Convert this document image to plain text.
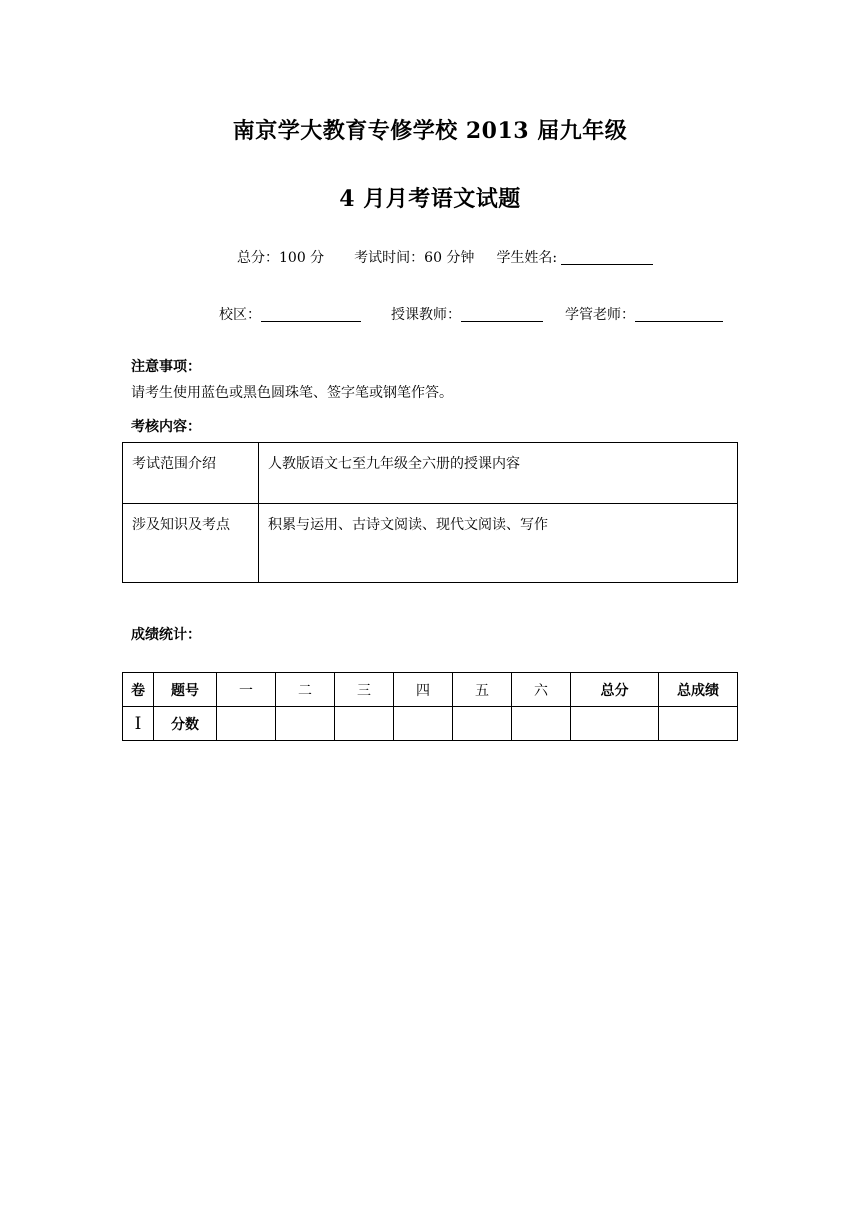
南京学大教育专修学校 2013 届九年级
4 月月考语文试题
总分：100 分 考试时间：60 分钟 学生姓名:
校区：	授课教师：	学管老师：
注意事项：
请考生使用蓝色或黑色圆珠笔、签字笔或钢笔作答。
考核内容：
考试范围介绍	人教版语文七至九年级全六册的授课内容
涉及知识及考点	积累与运用、古诗文阅读、现代文阅读、写作
成绩统计：
卷	题号	一	二	三	四	五	六	总分	总成绩
I	分数								
